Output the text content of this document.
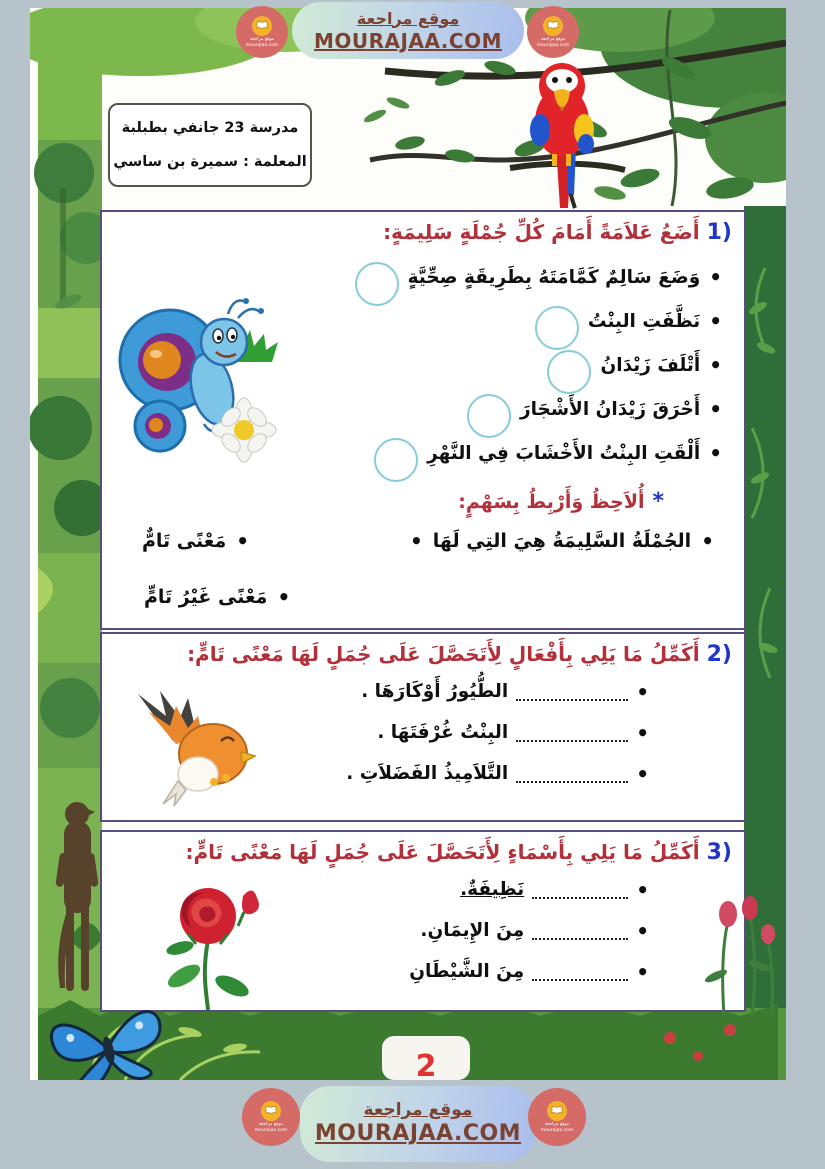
مدرسة 23 جانفي بطبلبة
المعلمة : سميرة بن ساسي
1)
أَضَعُ عَلاَمَةً أَمَامَ كُلِّ جُمْلَةٍ سَلِيمَةٍ:
•
وَضَعَ سَالِمٌ كَمَّامَتَهُ بِطَرِيقَةٍ صِحِّيَّةٍ
•
نَظَّفَتِ البِنْتُ
•
أَتْلَفَ زَيْدَانُ
•
أَحْرَقَ زَيْدَانُ الأَشْجَارَ
•
أَلْقَتِ البِنْتُ الأَخْشَابَ فِي النَّهْرِ
*
أُلاَحِظُ وَأَرْبِطُ بِسَهْمٍ:
•
الجُمْلَةُ السَّلِيمَةُ هِيَ التِي لَهَا
•
•
مَعْنًى تَامٌّ
•
مَعْنًى غَيْرُ تَامٍّ
2)
أَكَمِّلُ مَا يَلِي بِأَفْعَالٍ لِأَتَحَصَّلَ عَلَى جُمَلٍ لَهَا مَعْنًى تَامٍّ:
•
الطُّيُورُ أَوْكَارَهَا .
•
البِنْتُ غُرْفَتَهَا .
•
التَّلاَمِيذُ الفَضَلاَتِ .
3)
أَكَمِّلُ مَا يَلِي بِأَسْمَاءٍ لِأَتَحَصَّلَ عَلَى جُمَلٍ لَهَا مَعْنًى تَامٍّ:
•
نَظِيفَةٌ.
•
مِنَ الإِيمَانِ.
•
مِنَ الشَّيْطَانِ
2
موقع مراجعة
mourajaa.com
موقع مراجعة
MOURAJAA.COM	موقع مراجعة
mourajaa.com
موقع مراجعة
mourajaa.com
موقع مراجعة
MOURAJAA.COM	موقع مراجعة
mourajaa.com
